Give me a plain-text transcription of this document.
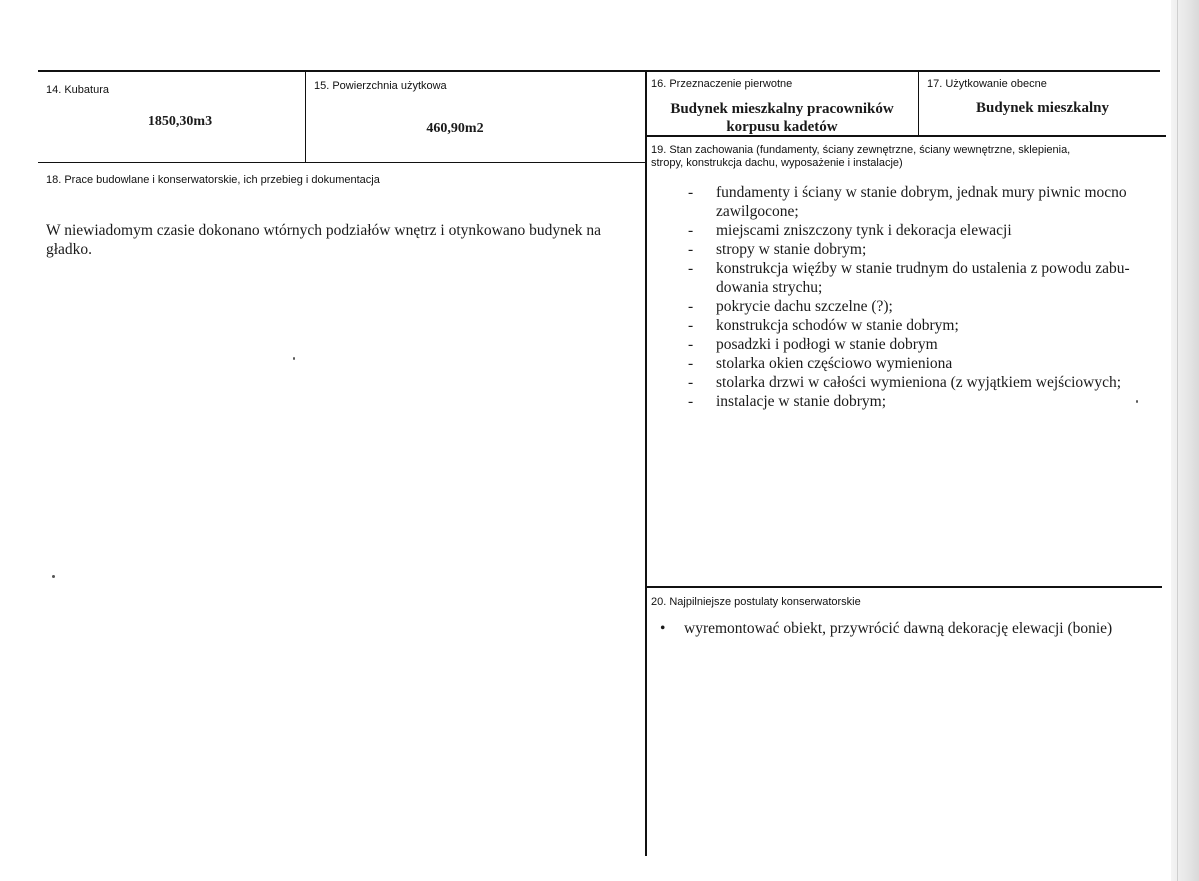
14. Kubatura
1850,30m3
15. Powierzchnia użytkowa
460,90m2
16. Przeznaczenie pierwotne
Budynek mieszkalny pracowników
korpusu kadetów
17. Użytkowanie obecne
Budynek mieszkalny
18. Prace budowlane i konserwatorskie, ich przebieg i dokumentacja
W niewiadomym czasie dokonano wtórnych podziałów wnętrz i otynkowano budynek na
gładko.
19. Stan zachowania (fundamenty, ściany zewnętrzne, ściany wewnętrzne, sklepienia,
stropy, konstrukcja dachu, wyposażenie i instalacje)
- fundamenty i ściany w stanie dobrym, jednak mury piwnic mocno
zawilgocone;
- miejscami zniszczony tynk i dekoracja elewacji
- stropy w stanie dobrym;
- konstrukcja więźby w stanie trudnym do ustalenia z powodu zabu-
dowania strychu;
- pokrycie dachu szczelne (?);
- konstrukcja schodów w stanie dobrym;
- posadzki i podłogi w stanie dobrym
- stolarka okien częściowo wymieniona
- stolarka drzwi w całości wymieniona (z wyjątkiem wejściowych;
- instalacje w stanie dobrym;
20. Najpilniejsze postulaty konserwatorskie
• wyremontować obiekt, przywrócić dawną dekorację elewacji (bonie)
